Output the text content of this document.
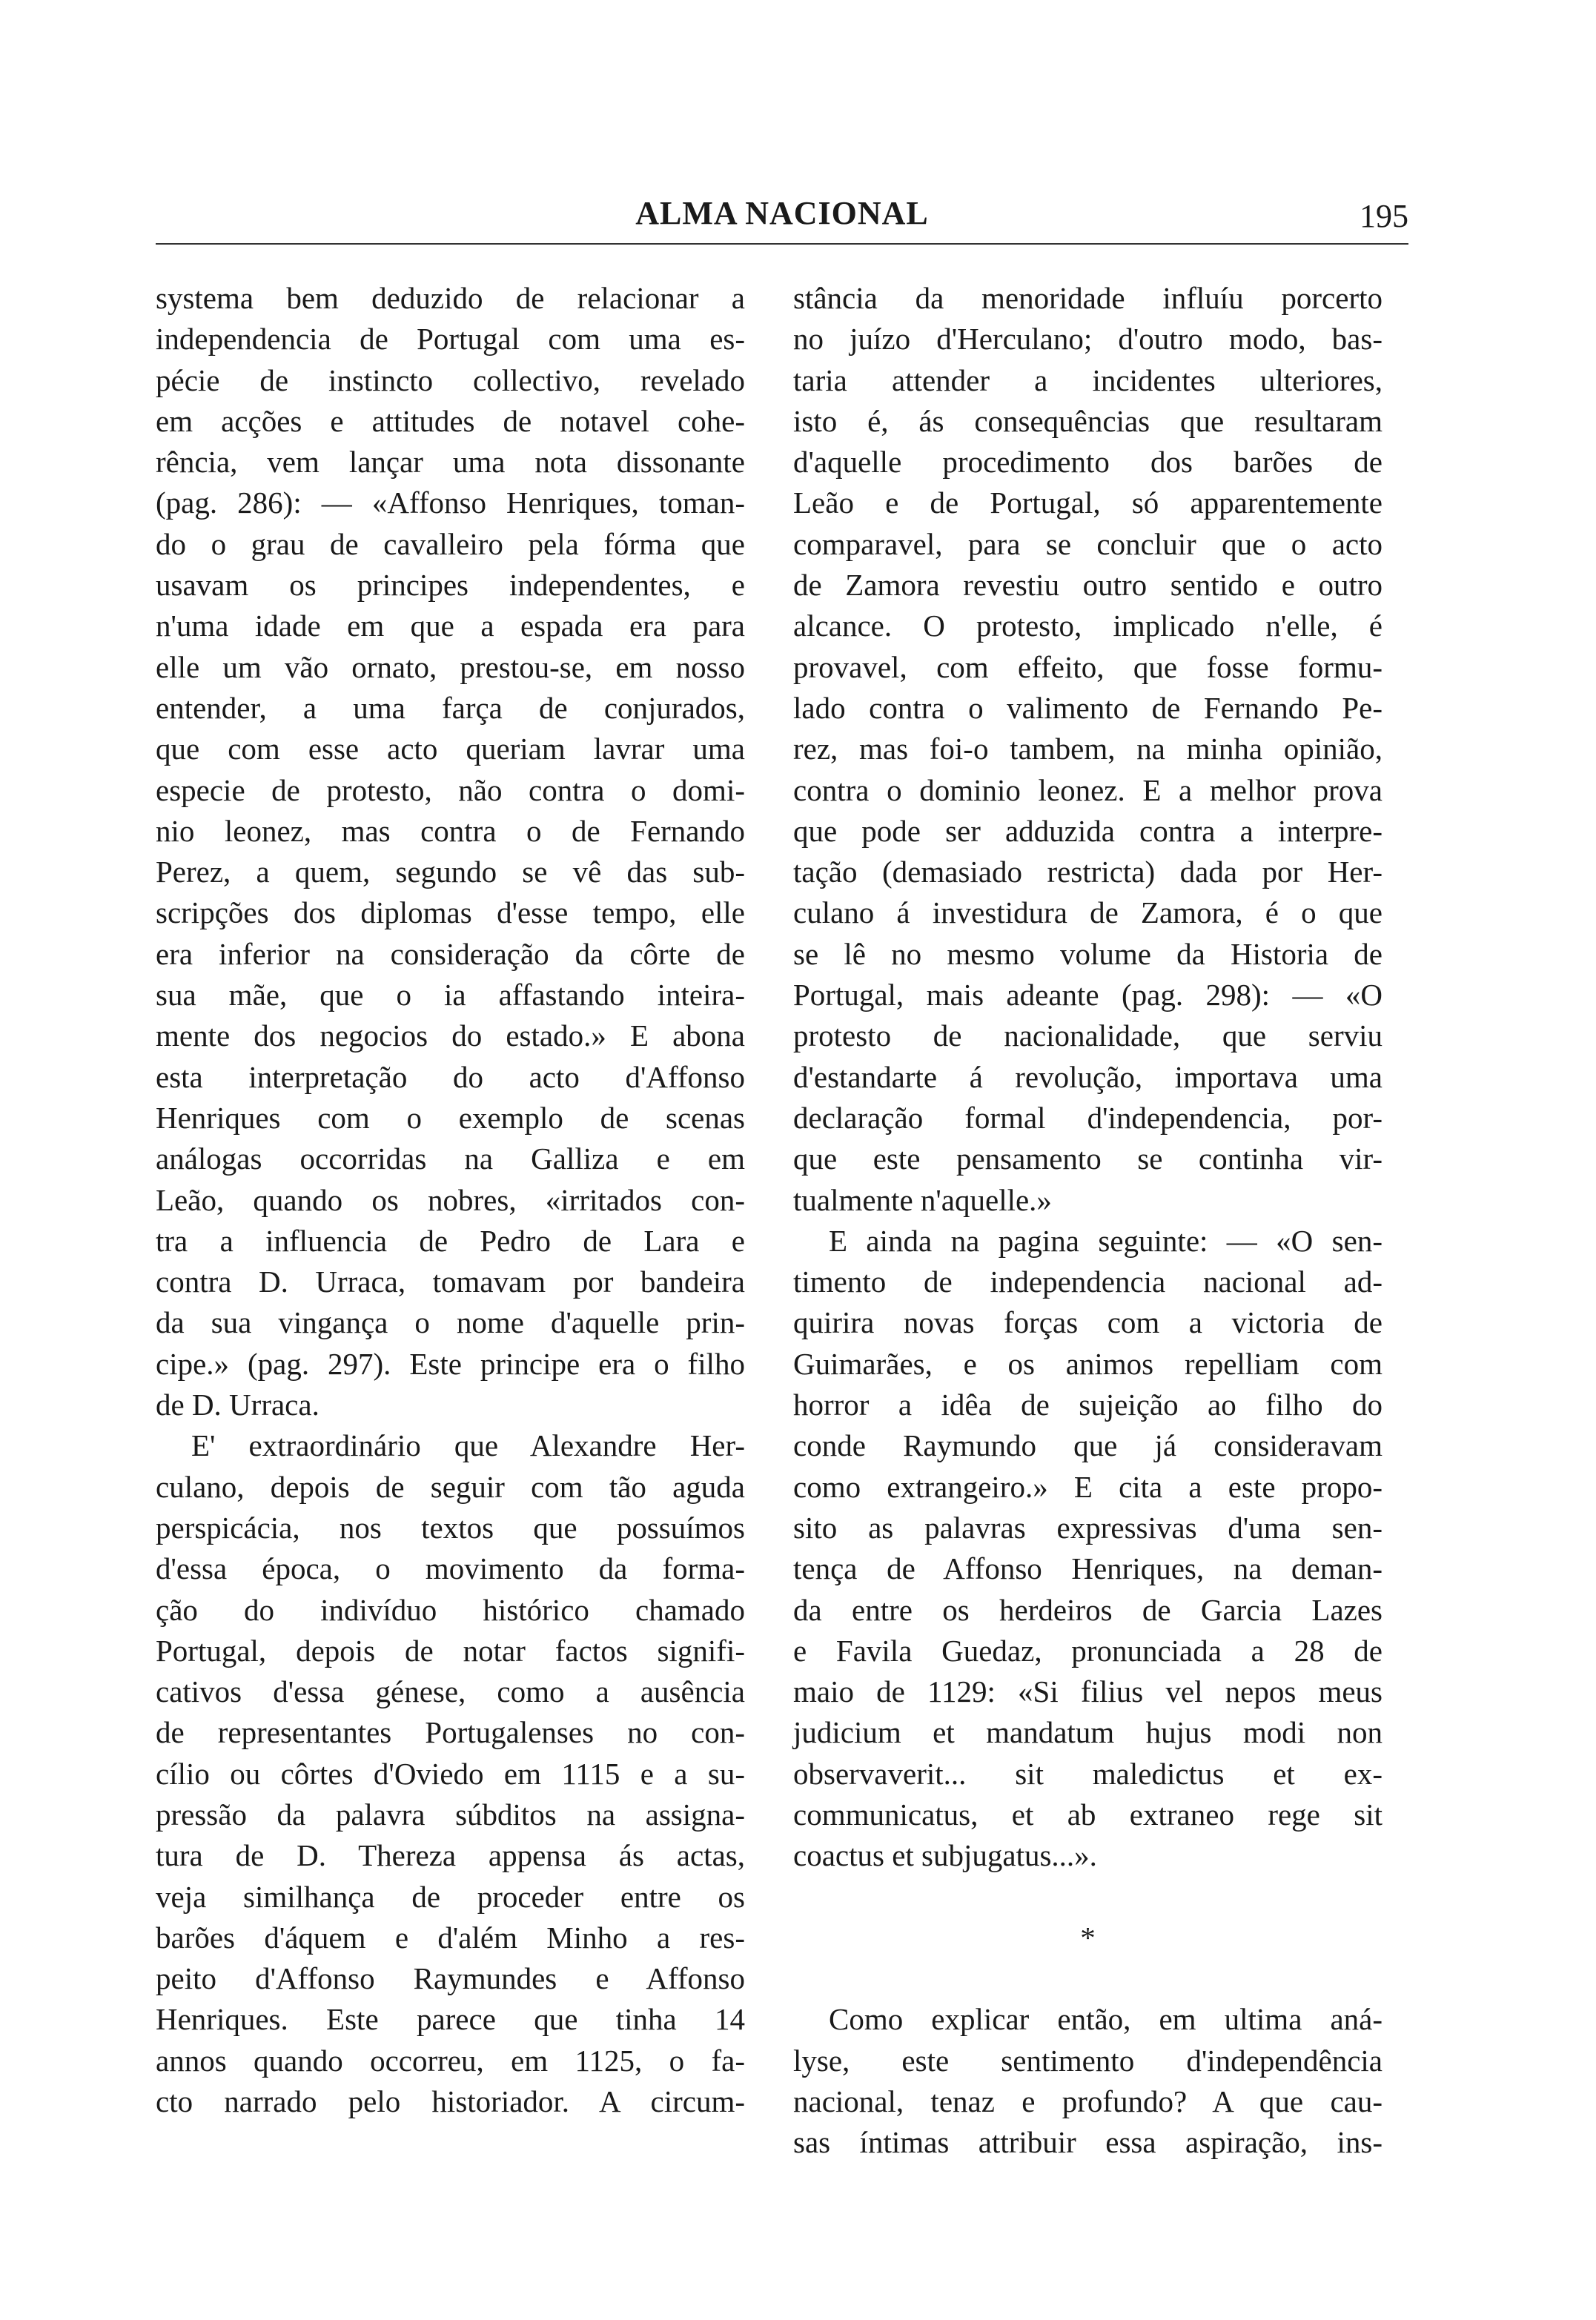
ALMA NACIONAL	195
systema bem deduzido de relacionar a
independencia de Portugal com uma es-
pécie de instincto collectivo, revelado
em acções e attitudes de notavel cohe-
rência, vem lançar uma nota dissonante
(pag. 286): — «Affonso Henriques, toman-
do o grau de cavalleiro pela fórma que
usavam os principes independentes, e
n'uma idade em que a espada era para
elle um vão ornato, prestou-se, em nosso
entender, a uma farça de conjurados,
que com esse acto queriam lavrar uma
especie de protesto, não contra o domi-
nio leonez, mas contra o de Fernando
Perez, a quem, segundo se vê das sub-
scripções dos diplomas d'esse tempo, elle
era inferior na consideração da côrte de
sua mãe, que o ia affastando inteira-
mente dos negocios do estado.» E abona
esta interpretação do acto d'Affonso
Henriques com o exemplo de scenas
análogas occorridas na Galliza e em
Leão, quando os nobres, «irritados con-
tra a influencia de Pedro de Lara e
contra D. Urraca, tomavam por bandeira
da sua vingança o nome d'aquelle prin-
cipe.» (pag. 297). Este principe era o filho
de D. Urraca.
E' extraordinário que Alexandre Her-
culano, depois de seguir com tão aguda
perspicácia, nos textos que possuímos
d'essa época, o movimento da forma-
ção do indivíduo histórico chamado
Portugal, depois de notar factos signifi-
cativos d'essa génese, como a ausência
de representantes Portugalenses no con-
cílio ou côrtes d'Oviedo em 1115 e a su-
pressão da palavra súbditos na assigna-
tura de D. Thereza appensa ás actas,
veja similhança de proceder entre os
barões d'áquem e d'além Minho a res-
peito d'Affonso Raymundes e Affonso
Henriques. Este parece que tinha 14
annos quando occorreu, em 1125, o fa-
cto narrado pelo historiador. A circum-
stância da menoridade influíu porcerto
no juízo d'Herculano; d'outro modo, bas-
taria attender a incidentes ulteriores,
isto é, ás consequências que resultaram
d'aquelle procedimento dos barões de
Leão e de Portugal, só apparentemente
comparavel, para se concluir que o acto
de Zamora revestiu outro sentido e outro
alcance. O protesto, implicado n'elle, é
provavel, com effeito, que fosse formu-
lado contra o valimento de Fernando Pe-
rez, mas foi-o tambem, na minha opinião,
contra o dominio leonez. E a melhor prova
que pode ser adduzida contra a interpre-
tação (demasiado restricta) dada por Her-
culano á investidura de Zamora, é o que
se lê no mesmo volume da Historia de
Portugal, mais adeante (pag. 298): — «O
protesto de nacionalidade, que serviu
d'estandarte á revolução, importava uma
declaração formal d'independencia, por-
que este pensamento se continha vir-
tualmente n'aquelle.»
E ainda na pagina seguinte: — «O sen-
timento de independencia nacional ad-
quirira novas forças com a victoria de
Guimarães, e os animos repelliam com
horror a idêa de sujeição ao filho do
conde Raymundo que já consideravam
como extrangeiro.» E cita a este propo-
sito as palavras expressivas d'uma sen-
tença de Affonso Henriques, na deman-
da entre os herdeiros de Garcia Lazes
e Favila Guedaz, pronunciada a 28 de
maio de 1129: «Si filius vel nepos meus
judicium et mandatum hujus modi non
observaverit... sit maledictus et ex-
communicatus, et ab extraneo rege sit
coactus et subjugatus...».
*
Como explicar então, em ultima aná-
lyse, este sentimento d'independência
nacional, tenaz e profundo? A que cau-
sas íntimas attribuir essa aspiração, ins-
